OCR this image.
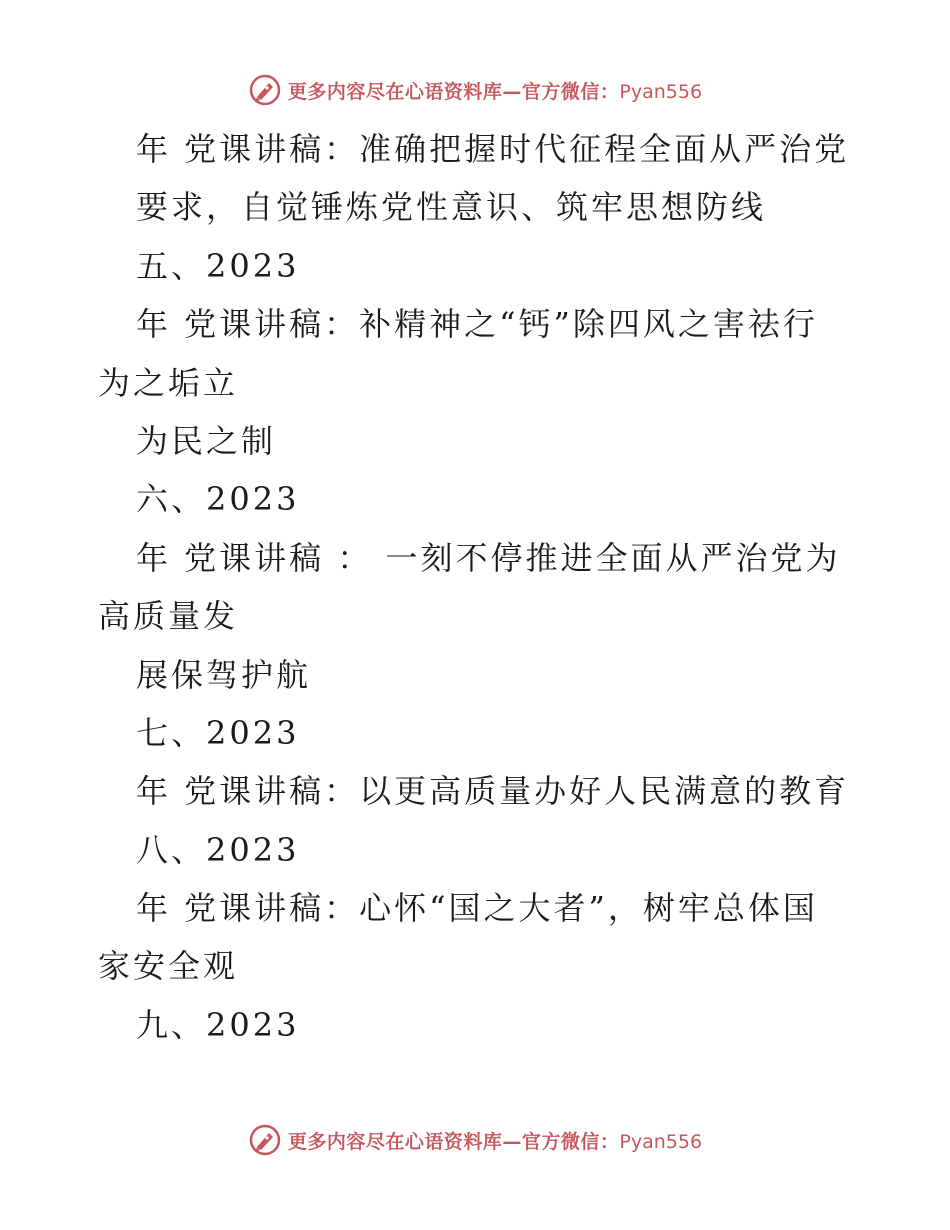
更多内容尽在心语资料库—官方微信：Pyan556
年 党课讲稿：准确把握时代征程全面从严治党
要求，自觉锤炼党性意识、筑牢思想防线
五、2023
年 党课讲稿：补精神之“钙”除四风之害祛行
为之垢立
为民之制
六、2023
年 党课讲稿 ： 一刻不停推进全面从严治党为
高质量发
展保驾护航
七、2023
年 党课讲稿：以更高质量办好人民满意的教育
八、2023
年 党课讲稿：心怀“国之大者”，树牢总体国
家安全观
九、2023
更多内容尽在心语资料库—官方微信：Pyan556
